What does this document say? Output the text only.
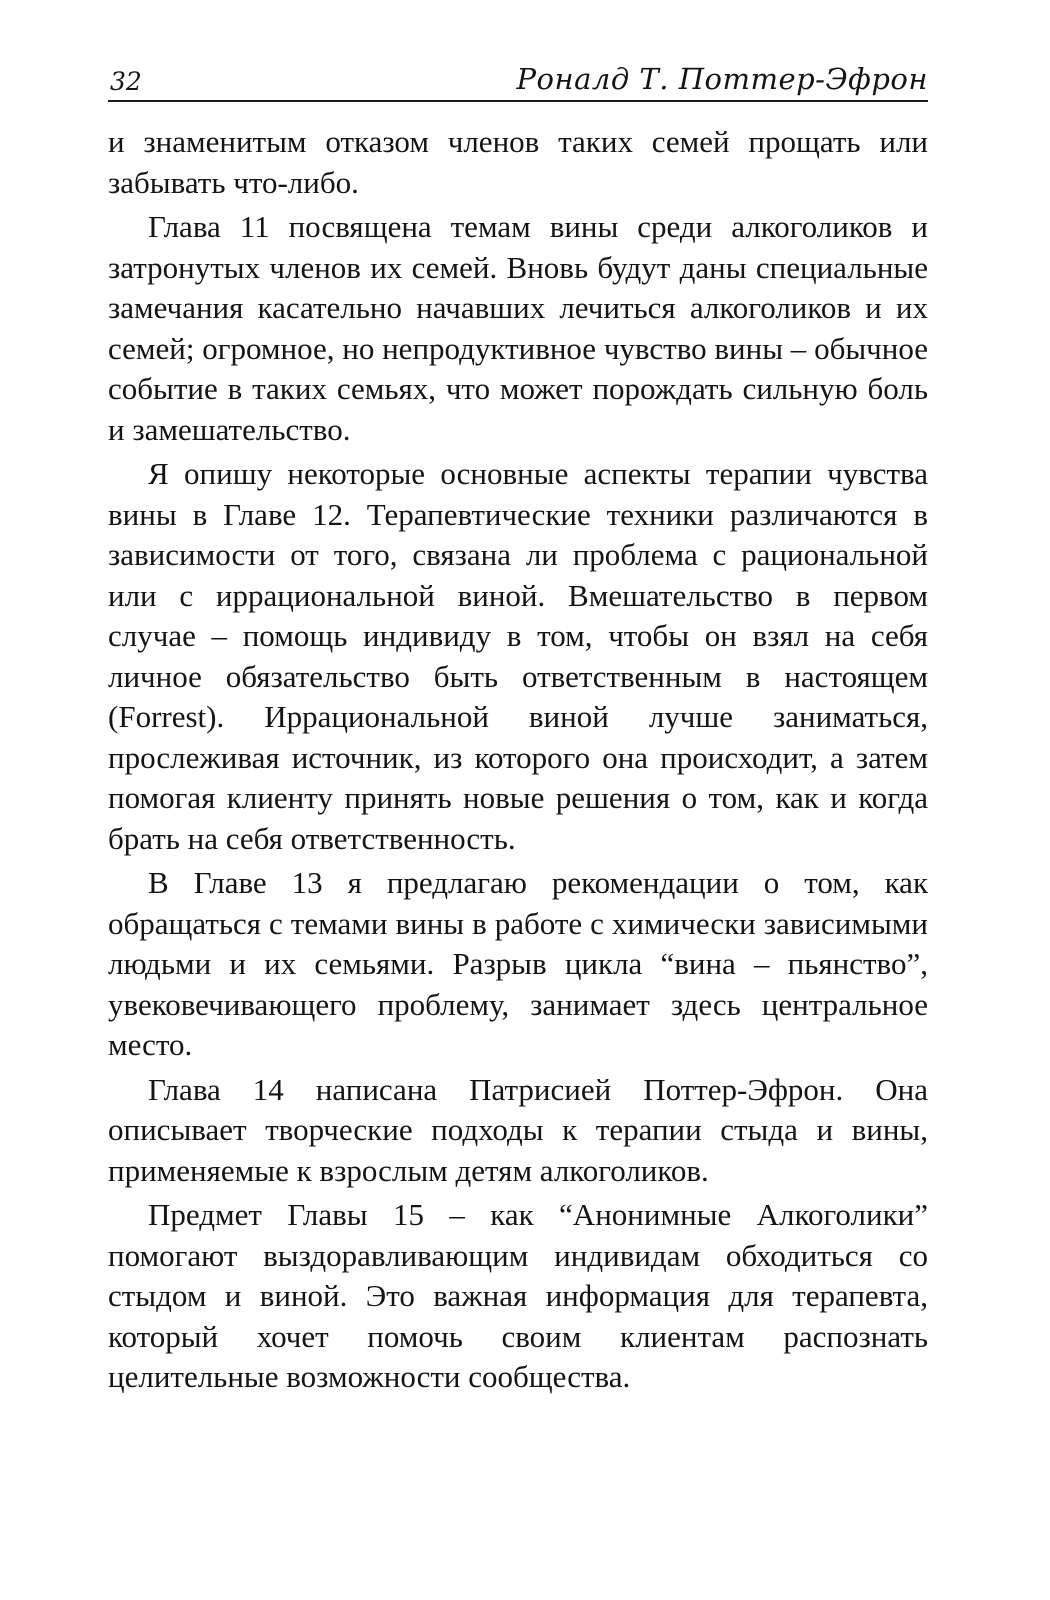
32	Роналд Т. Поттер-Эфрон

и знаменитым отказом членов таких семей прощать или забывать что-либо.

Глава 11 посвящена темам вины среди алкоголиков и затронутых членов их семей. Вновь будут даны специальные замечания касательно начавших лечиться алкоголиков и их семей; огромное, но непродуктивное чувство вины – обычное событие в таких семьях, что может порождать сильную боль и замешательство.

Я опишу некоторые основные аспекты терапии чувства вины в Главе 12. Терапевтические техники различаются в зависимости от того, связана ли проблема с рациональной или с иррациональной виной. Вмешательство в первом случае – помощь индивиду в том, чтобы он взял на себя личное обязательство быть ответственным в настоящем (Forrest). Иррациональной виной лучше заниматься, прослеживая источник, из которого она происходит, а затем помогая клиенту принять новые решения о том, как и когда брать на себя ответственность.

В Главе 13 я предлагаю рекомендации о том, как обращаться с темами вины в работе с химически зависимыми людьми и их семьями. Разрыв цикла “вина – пьянство”, увековечивающего проблему, занимает здесь центральное место.

Глава 14 написана Патрисией Поттер-Эфрон. Она описывает творческие подходы к терапии стыда и вины, применяемые к взрослым детям алкоголиков.

Предмет Главы 15 – как “Анонимные Алкоголики” помогают выздоравливающим индивидам обходиться со стыдом и виной. Это важная информация для терапевта, который хочет помочь своим клиентам распознать целительные возможности сообщества.
